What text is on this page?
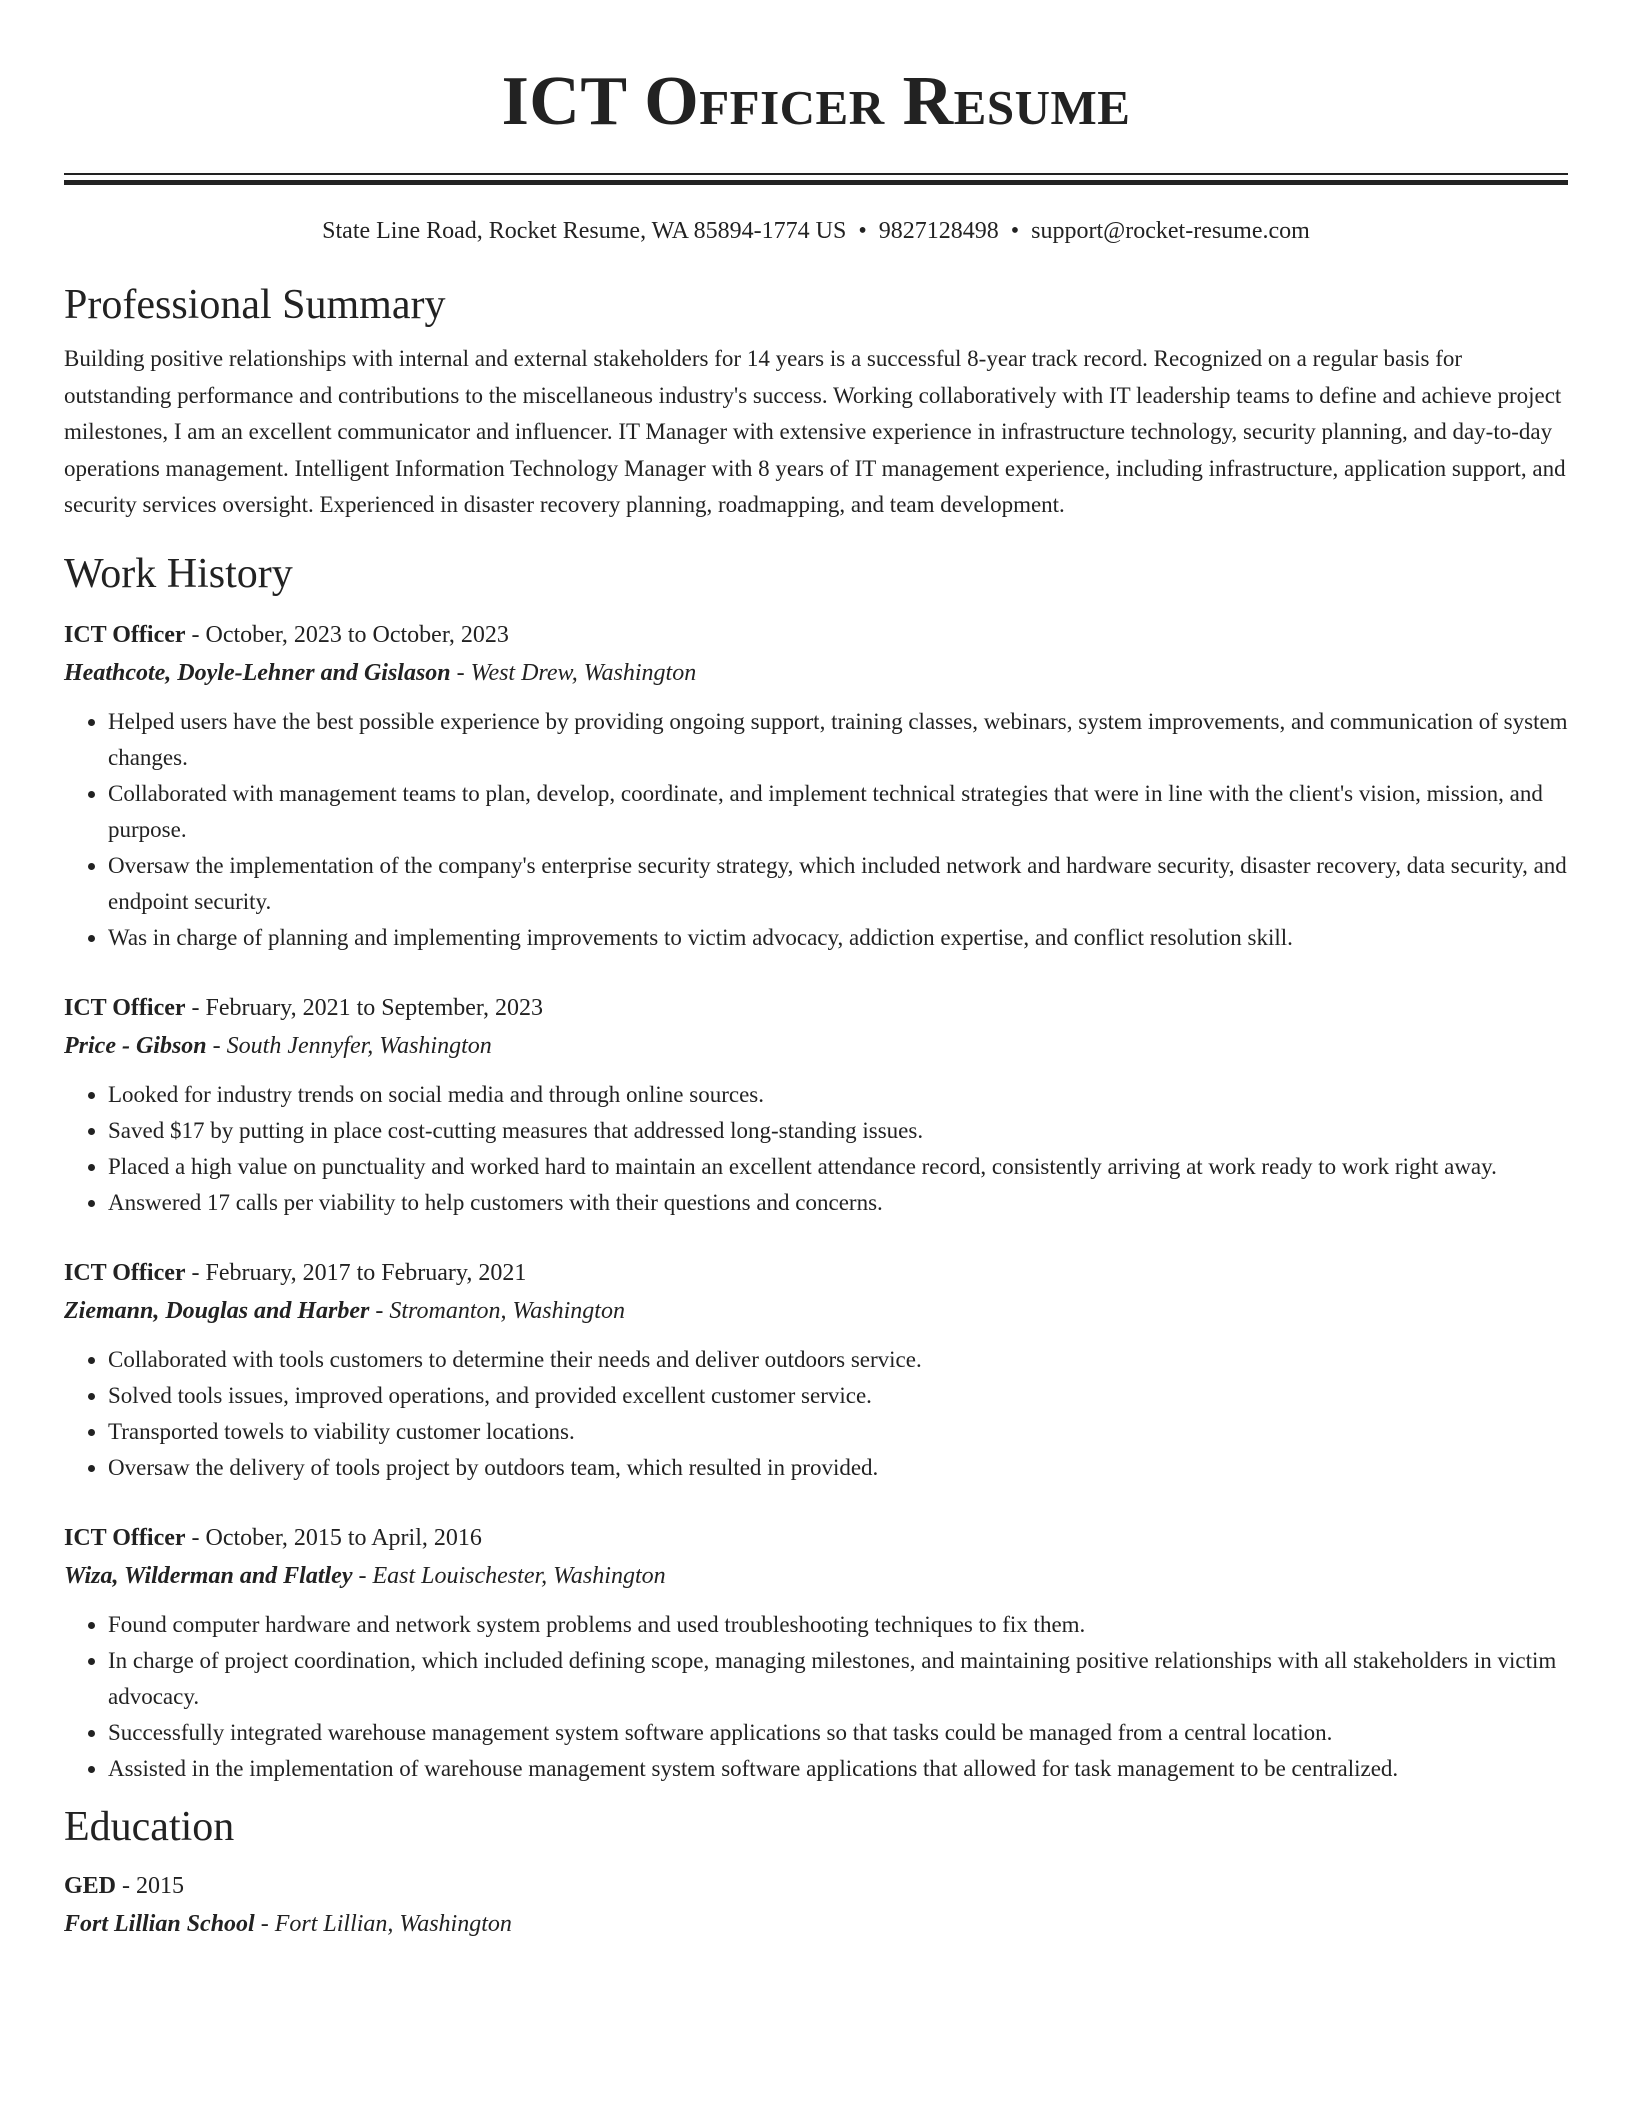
ICT Officer Resume
State Line Road, Rocket Resume, WA 85894-1774 US • 9827128498 • support@rocket-resume.com
Professional Summary

Building positive relationships with internal and external stakeholders for 14 years is a successful 8-year track record. Recognized on a regular basis for outstanding performance and contributions to the miscellaneous industry's success. Working collaboratively with IT leadership teams to define and achieve project milestones, I am an excellent communicator and influencer. IT Manager with extensive experience in infrastructure technology, security planning, and day-to-day operations management. Intelligent Information Technology Manager with 8 years of IT management experience, including infrastructure, application support, and security services oversight. Experienced in disaster recovery planning, roadmapping, and team development.

Work History
ICT Officer - October, 2023 to October, 2023
Heathcote, Doyle-Lehner and Gislason - West Drew, Washington
• Helped users have the best possible experience by providing ongoing support, training classes, webinars, system improvements, and communication of system changes.
• Collaborated with management teams to plan, develop, coordinate, and implement technical strategies that were in line with the client's vision, mission, and purpose.
• Oversaw the implementation of the company's enterprise security strategy, which included network and hardware security, disaster recovery, data security, and endpoint security.
• Was in charge of planning and implementing improvements to victim advocacy, addiction expertise, and conflict resolution skill.
ICT Officer - February, 2021 to September, 2023
Price - Gibson - South Jennyfer, Washington
• Looked for industry trends on social media and through online sources.
• Saved $17 by putting in place cost-cutting measures that addressed long-standing issues.
• Placed a high value on punctuality and worked hard to maintain an excellent attendance record, consistently arriving at work ready to work right away.
• Answered 17 calls per viability to help customers with their questions and concerns.
ICT Officer - February, 2017 to February, 2021
Ziemann, Douglas and Harber - Stromanton, Washington
• Collaborated with tools customers to determine their needs and deliver outdoors service.
• Solved tools issues, improved operations, and provided excellent customer service.
• Transported towels to viability customer locations.
• Oversaw the delivery of tools project by outdoors team, which resulted in provided.
ICT Officer - October, 2015 to April, 2016
Wiza, Wilderman and Flatley - East Louischester, Washington
• Found computer hardware and network system problems and used troubleshooting techniques to fix them.
• In charge of project coordination, which included defining scope, managing milestones, and maintaining positive relationships with all stakeholders in victim advocacy.
• Successfully integrated warehouse management system software applications so that tasks could be managed from a central location.
• Assisted in the implementation of warehouse management system software applications that allowed for task management to be centralized.
Education
GED - 2015
Fort Lillian School - Fort Lillian, Washington
